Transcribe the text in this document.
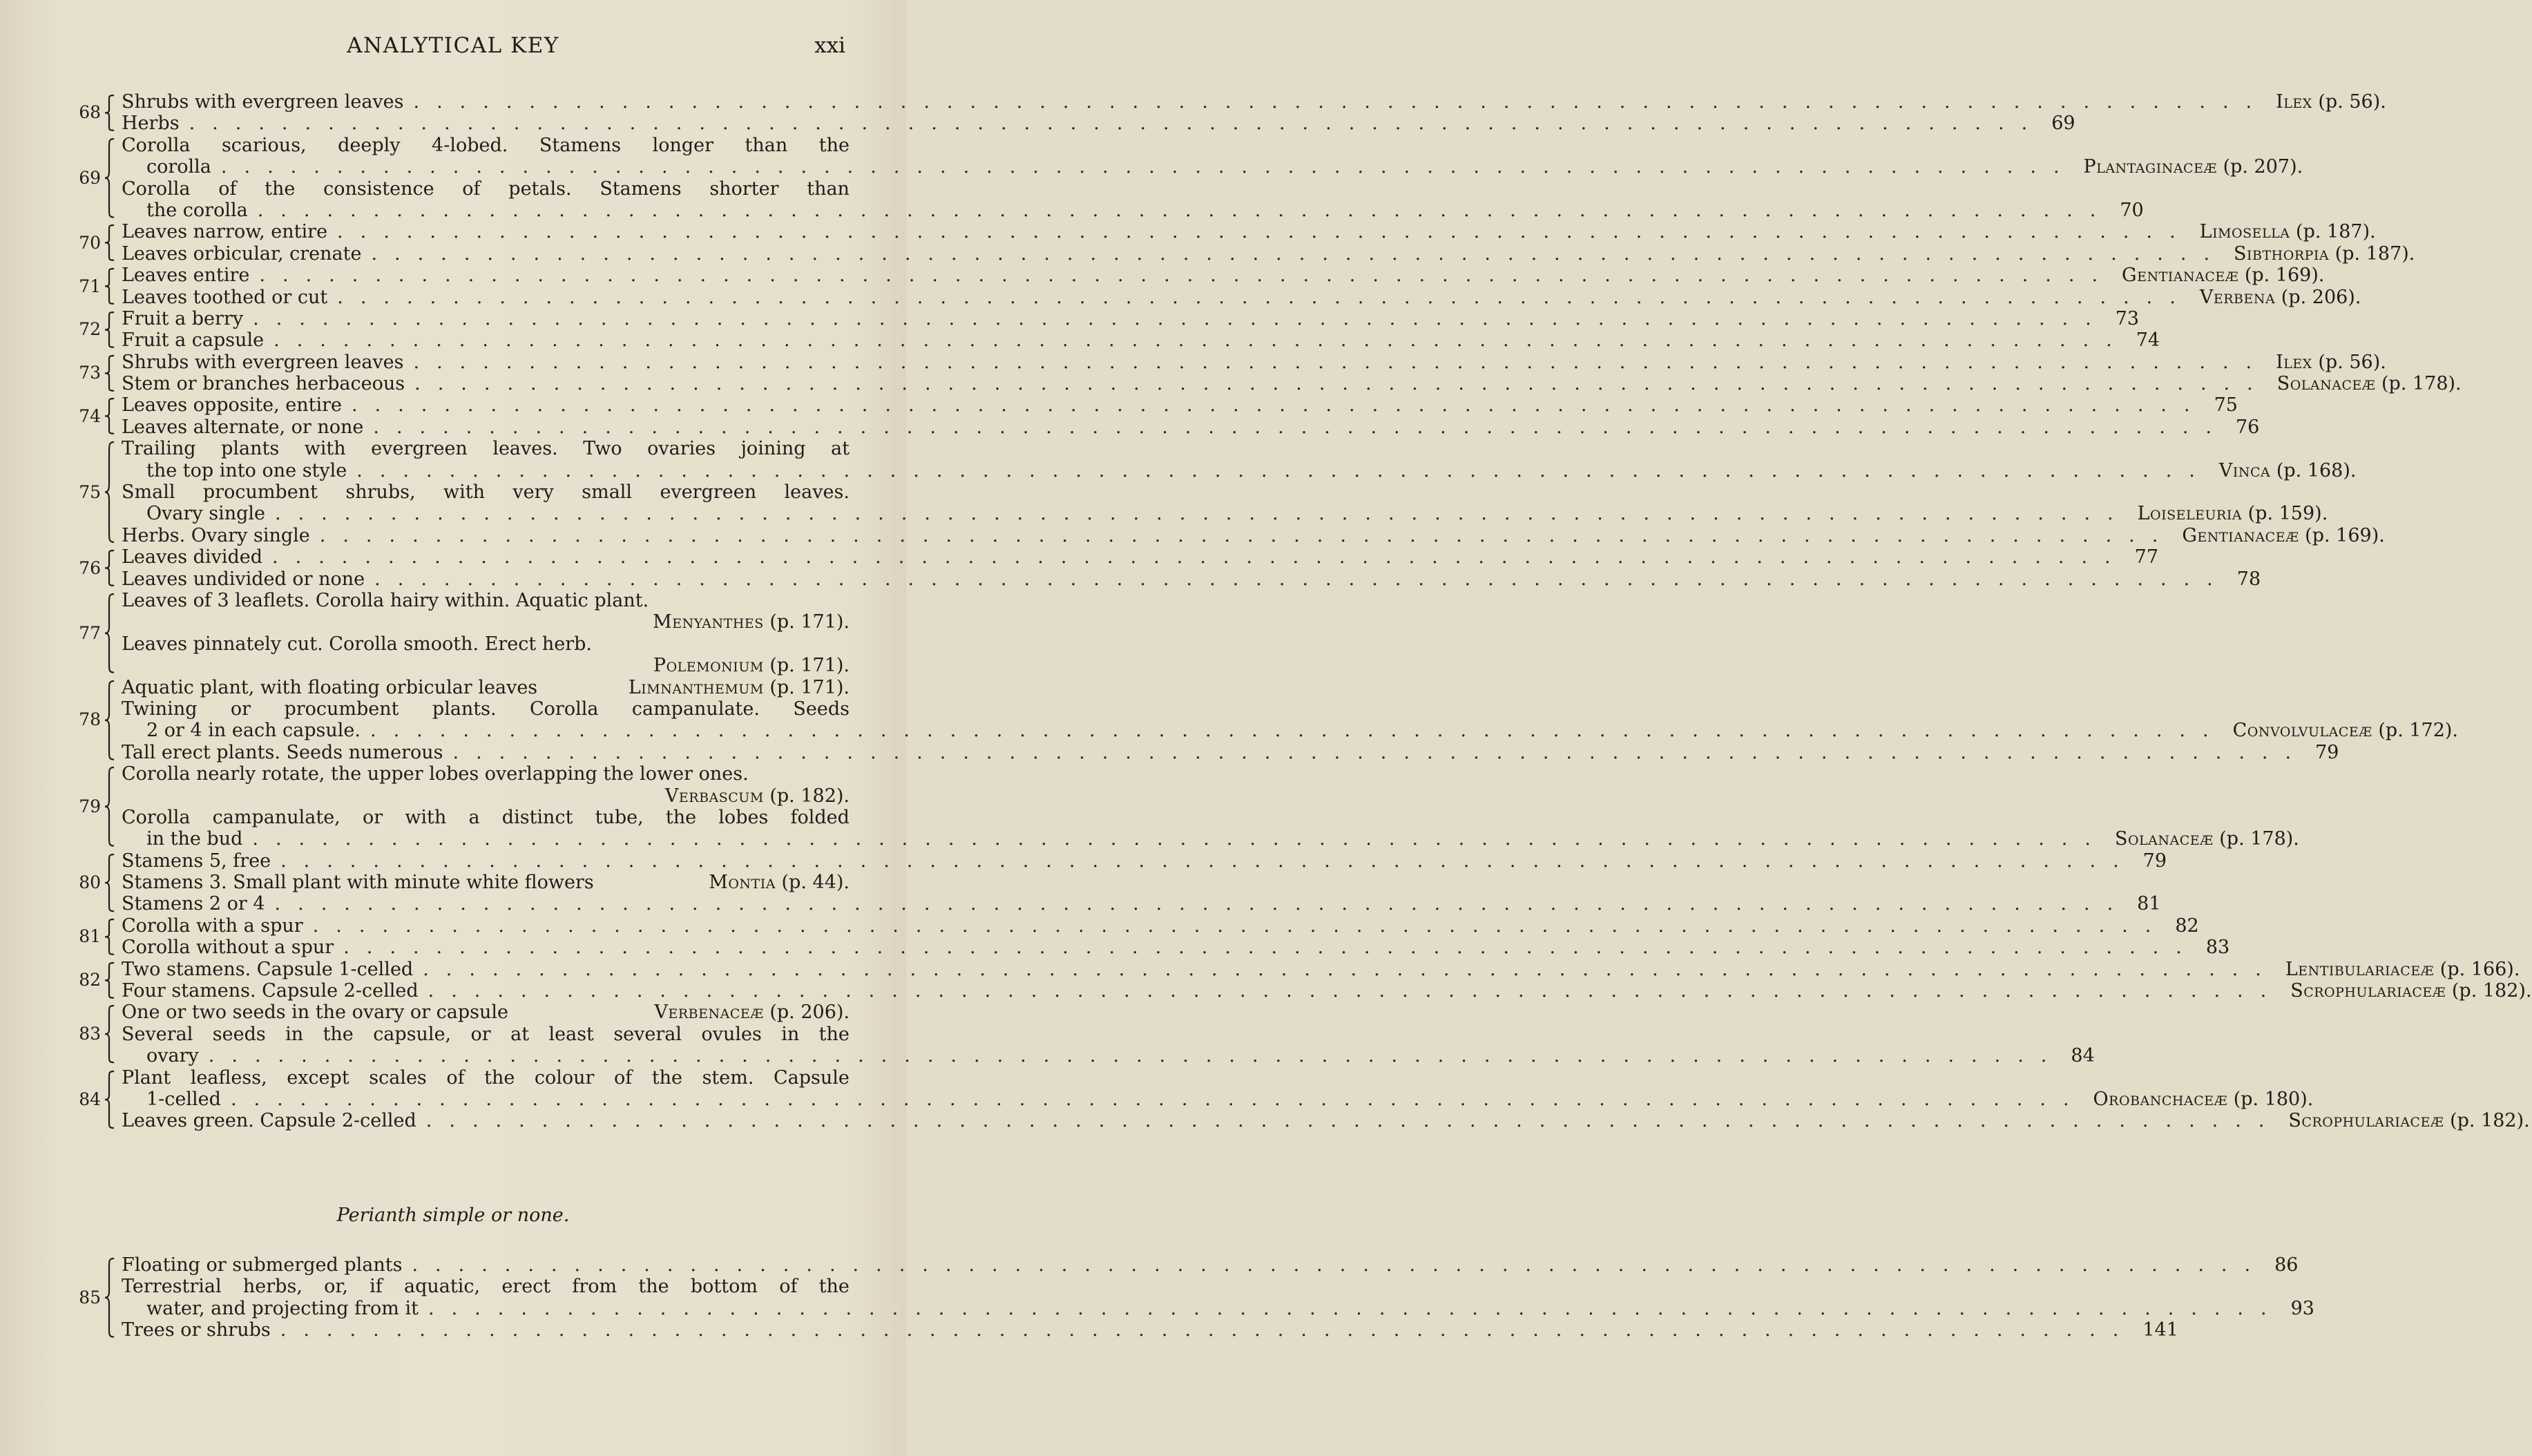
ANALYTICAL KEY	xxi
68 Shrubs with evergreen leaves ................................................................................ Ilex (p. 56).
Herbs ................................................................................ 69
69
Corolla scarious, deeply 4-lobed. Stamens longer than the
corolla ................................................................................ Plantaginaceæ (p. 207).
Corolla of the consistence of petals. Stamens shorter than
the corolla ................................................................................ 70
70 Leaves narrow, entire ................................................................................ Limosella (p. 187).
Leaves orbicular, crenate ................................................................................ Sibthorpia (p. 187).
71 Leaves entire ................................................................................ Gentianaceæ (p. 169).
Leaves toothed or cut ................................................................................ Verbena (p. 206).
72 Fruit a berry ................................................................................ 73
Fruit a capsule ................................................................................ 74
73 Shrubs with evergreen leaves ................................................................................ Ilex (p. 56).
Stem or branches herbaceous ................................................................................ Solanaceæ (p. 178).
74 Leaves opposite, entire ................................................................................ 75
Leaves alternate, or none ................................................................................ 76
75
Trailing plants with evergreen leaves. Two ovaries joining at
the top into one style ................................................................................ Vinca (p. 168).
Small procumbent shrubs, with very small evergreen leaves.
Ovary single ................................................................................ Loiseleuria (p. 159).
Herbs. Ovary single ................................................................................ Gentianaceæ (p. 169).
76 Leaves divided ................................................................................ 77
Leaves undivided or none ................................................................................ 78
77
Leaves of 3 leaflets. Corolla hairy within. Aquatic plant.
Menyanthes (p. 171).
Leaves pinnately cut. Corolla smooth. Erect herb.
Polemonium (p. 171).
78
Aquatic plant, with floating orbicular leaves	Limnanthemum (p. 171).
Twining or procumbent plants. Corolla campanulate. Seeds
2 or 4 in each capsule. ................................................................................ Convolvulaceæ (p. 172).
Tall erect plants. Seeds numerous ................................................................................ 79
79
Corolla nearly rotate, the upper lobes overlapping the lower ones.
Verbascum (p. 182).
Corolla campanulate, or with a distinct tube, the lobes folded
in the bud ................................................................................ Solanaceæ (p. 178).
80
Stamens 5, free ................................................................................ 79
Stamens 3. Small plant with minute white flowers	Montia (p. 44).
Stamens 2 or 4 ................................................................................ 81
81 Corolla with a spur ................................................................................ 82
Corolla without a spur ................................................................................ 83
82 Two stamens. Capsule 1-celled ................................................................................ Lentibulariaceæ (p. 166).
Four stamens. Capsule 2-celled ................................................................................ Scrophulariaceæ (p. 182).
83
One or two seeds in the ovary or capsule	Verbenaceæ (p. 206).
Several seeds in the capsule, or at least several ovules in the
ovary ................................................................................ 84
84
Plant leafless, except scales of the colour of the stem. Capsule
1-celled ................................................................................ Orobanchaceæ (p. 180).
Leaves green. Capsule 2-celled ................................................................................ Scrophulariaceæ (p. 182).
Perianth simple or none.
85
Floating or submerged plants ................................................................................ 86
Terrestrial herbs, or, if aquatic, erect from the bottom of the
water, and projecting from it ................................................................................ 93
Trees or shrubs ................................................................................ 141
